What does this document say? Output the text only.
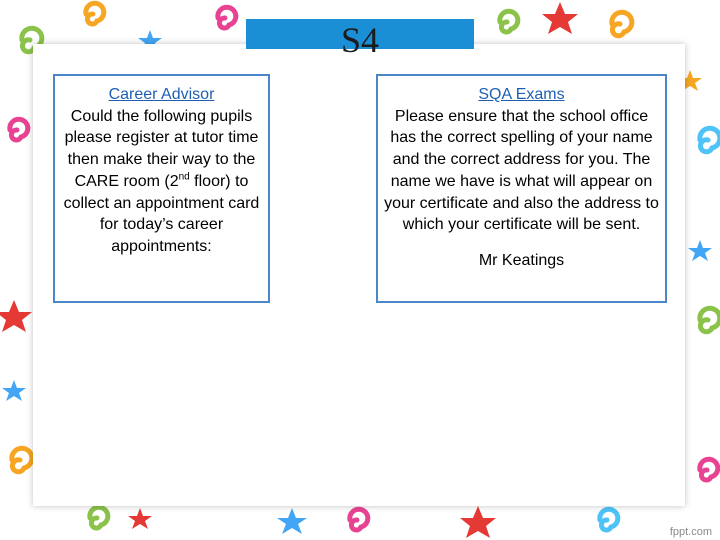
S4
Career Advisor
Could the following pupils please register at tutor time then make their way to the CARE room (2nd floor) to collect an appointment card for today’s career appointments:
SQA Exams
Please ensure that the school office has the correct spelling of your name and the correct address for you. The name we have is what will appear on your certificate and also the address to which your certificate will be sent.
Mr Keatings
fppt.com
